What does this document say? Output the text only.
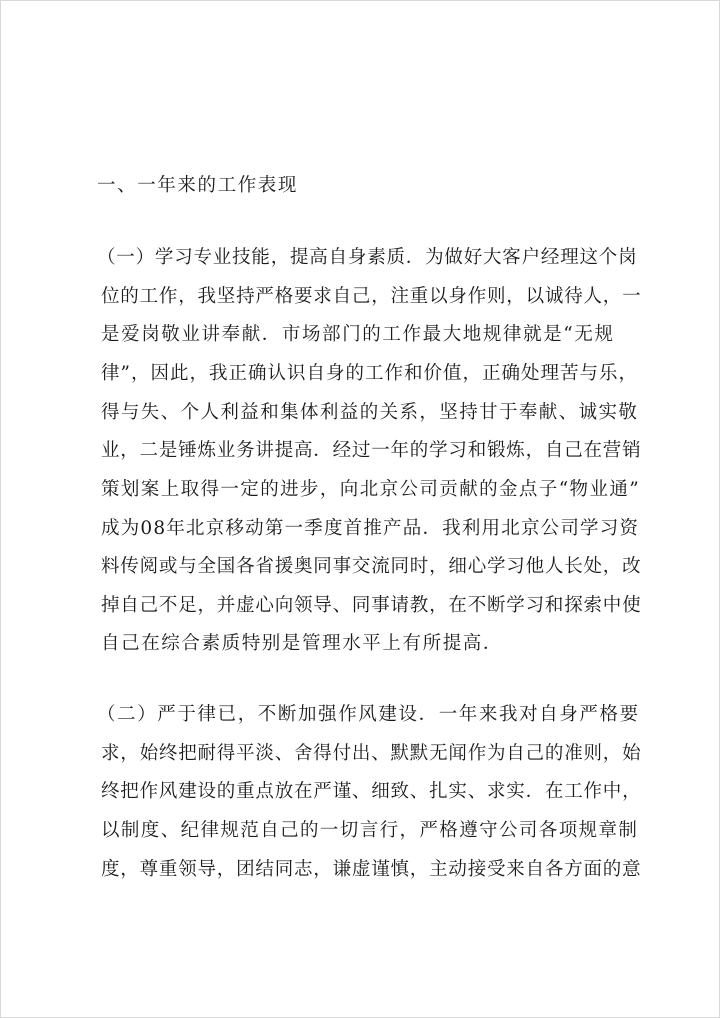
一、一年来的工作表现
（一）学习专业技能，提高自身素质．为做好大客户经理这个岗
位的工作，我坚持严格要求自己，注重以身作则，以诚待人，一
是爱岗敬业讲奉献．市场部门的工作最大地规律就是“无规
律”，因此，我正确认识自身的工作和价值，正确处理苦与乐，
得与失、个人利益和集体利益的关系，坚持甘于奉献、诚实敬
业，二是锤炼业务讲提高．经过一年的学习和锻炼，自己在营销
策划案上取得一定的进步，向北京公司贡献的金点子“物业通”
成为08年北京移动第一季度首推产品．我利用北京公司学习资
料传阅或与全国各省援奥同事交流同时，细心学习他人长处，改
掉自己不足，并虚心向领导、同事请教，在不断学习和探索中使
自己在综合素质特别是管理水平上有所提高．
（二）严于律已，不断加强作风建设．一年来我对自身严格要
求，始终把耐得平淡、舍得付出、默默无闻作为自己的准则，始
终把作风建设的重点放在严谨、细致、扎实、求实．在工作中，
以制度、纪律规范自己的一切言行，严格遵守公司各项规章制
度，尊重领导，团结同志，谦虚谨慎，主动接受来自各方面的意
